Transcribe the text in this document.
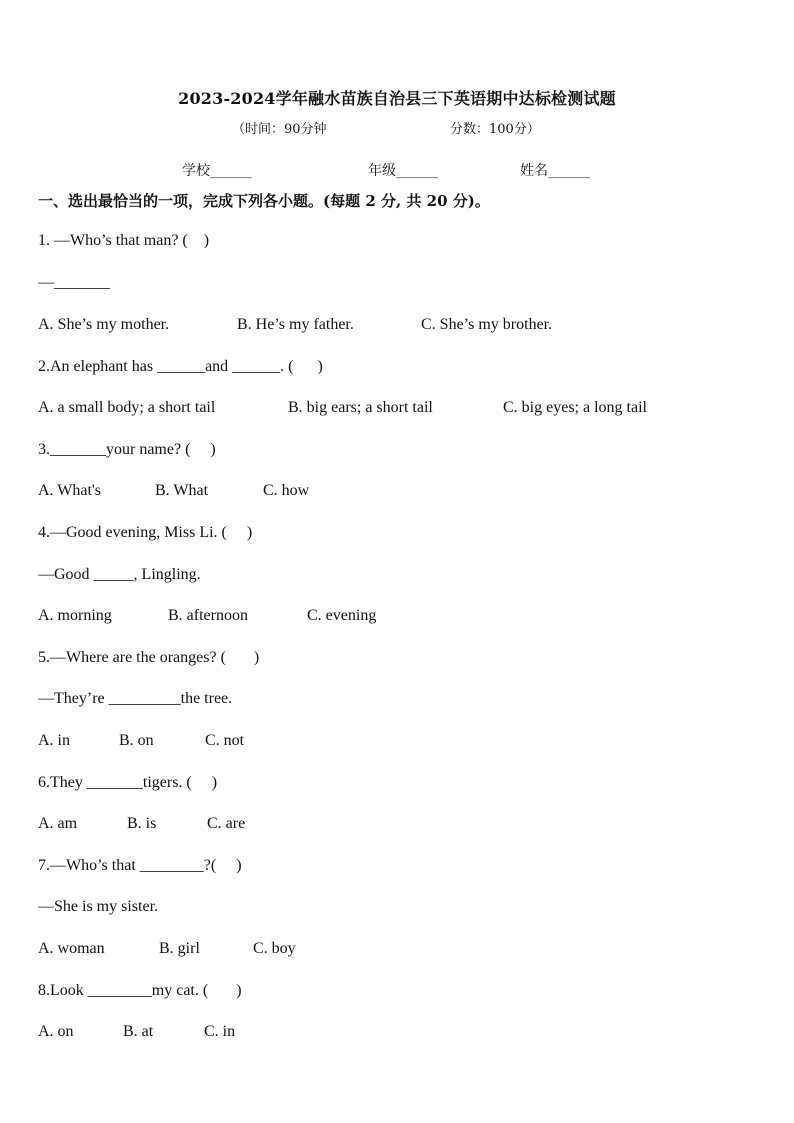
2023-2024学年融水苗族自治县三下英语期中达标检测试题
（时间：90分钟	分数：100分）
学校______	年级______	姓名______
一、选出最恰当的一项，完成下列各小题。(每题 2 分, 共 20 分)。
1. —Who’s that man? (    )
—_______
A. She’s my mother.	B. He’s my father.	C. She’s my brother.
2.An elephant has ______and ______. (      )
A. a small body; a short tail	B. big ears; a short tail	C. big eyes; a long tail
3._______your name? (     )
A. What's	B. What	C. how
4.—Good evening, Miss Li. (     )
—Good _____, Lingling.
A. morning	B. afternoon	C. evening
5.—Where are the oranges? (       )
—They’re _________the tree.
A. in	B. on	C. not
6.They _______tigers. (     )
A. am	B. is	C. are
7.—Who’s that ________?(     )
—She is my sister.
A. woman	B. girl	C. boy
8.Look ________my cat. (       )
A. on	B. at	C. in
